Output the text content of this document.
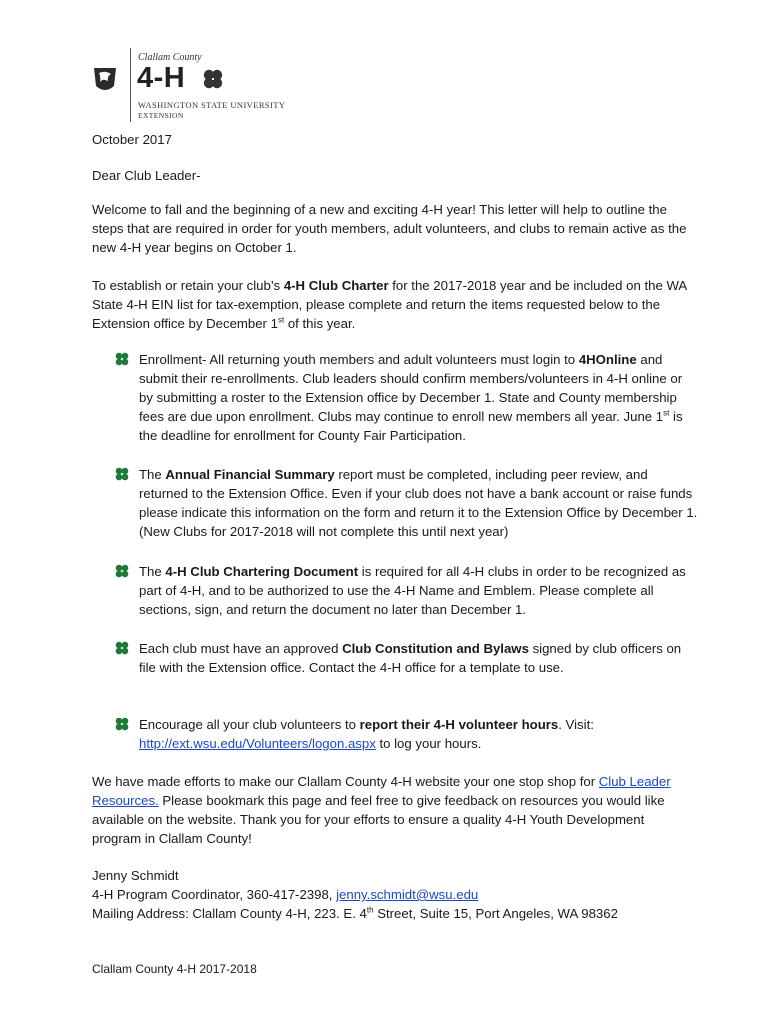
Clallam County
4-H
WASHINGTON STATE UNIVERSITY
EXTENSION
October 2017
Dear Club Leader-
Welcome to fall and the beginning of a new and exciting 4-H year! This letter will help to outline the steps that are required in order for youth members, adult volunteers, and clubs to remain active as the new 4-H year begins on October 1.
To establish or retain your club’s 4-H Club Charter for the 2017-2018 year and be included on the WA State 4-H EIN list for tax-exemption, please complete and return the items requested below to the Extension office by December 1st of this year.
Enrollment- All returning youth members and adult volunteers must login to 4HOnline and submit their re-enrollments. Club leaders should confirm members/volunteers in 4-H online or by submitting a roster to the Extension office by December 1. State and County membership fees are due upon enrollment. Clubs may continue to enroll new members all year. June 1st is the deadline for enrollment for County Fair Participation.
The Annual Financial Summary report must be completed, including peer review, and returned to the Extension Office. Even if your club does not have a bank account or raise funds please indicate this information on the form and return it to the Extension Office by December 1. (New Clubs for 2017-2018 will not complete this until next year)
The 4-H Club Chartering Document is required for all 4-H clubs in order to be recognized as part of 4-H, and to be authorized to use the 4-H Name and Emblem. Please complete all sections, sign, and return the document no later than December 1.
Each club must have an approved Club Constitution and Bylaws signed by club officers on file with the Extension office. Contact the 4-H office for a template to use.
Encourage all your club volunteers to report their 4-H volunteer hours. Visit: http://ext.wsu.edu/Volunteers/logon.aspx to log your hours.
We have made efforts to make our Clallam County 4-H website your one stop shop for Club Leader Resources. Please bookmark this page and feel free to give feedback on resources you would like available on the website. Thank you for your efforts to ensure a quality 4-H Youth Development program in Clallam County!
Jenny Schmidt
4-H Program Coordinator, 360-417-2398, jenny.schmidt@wsu.edu
Mailing Address: Clallam County 4-H, 223. E. 4th Street, Suite 15, Port Angeles, WA 98362
Clallam County 4-H 2017-2018
